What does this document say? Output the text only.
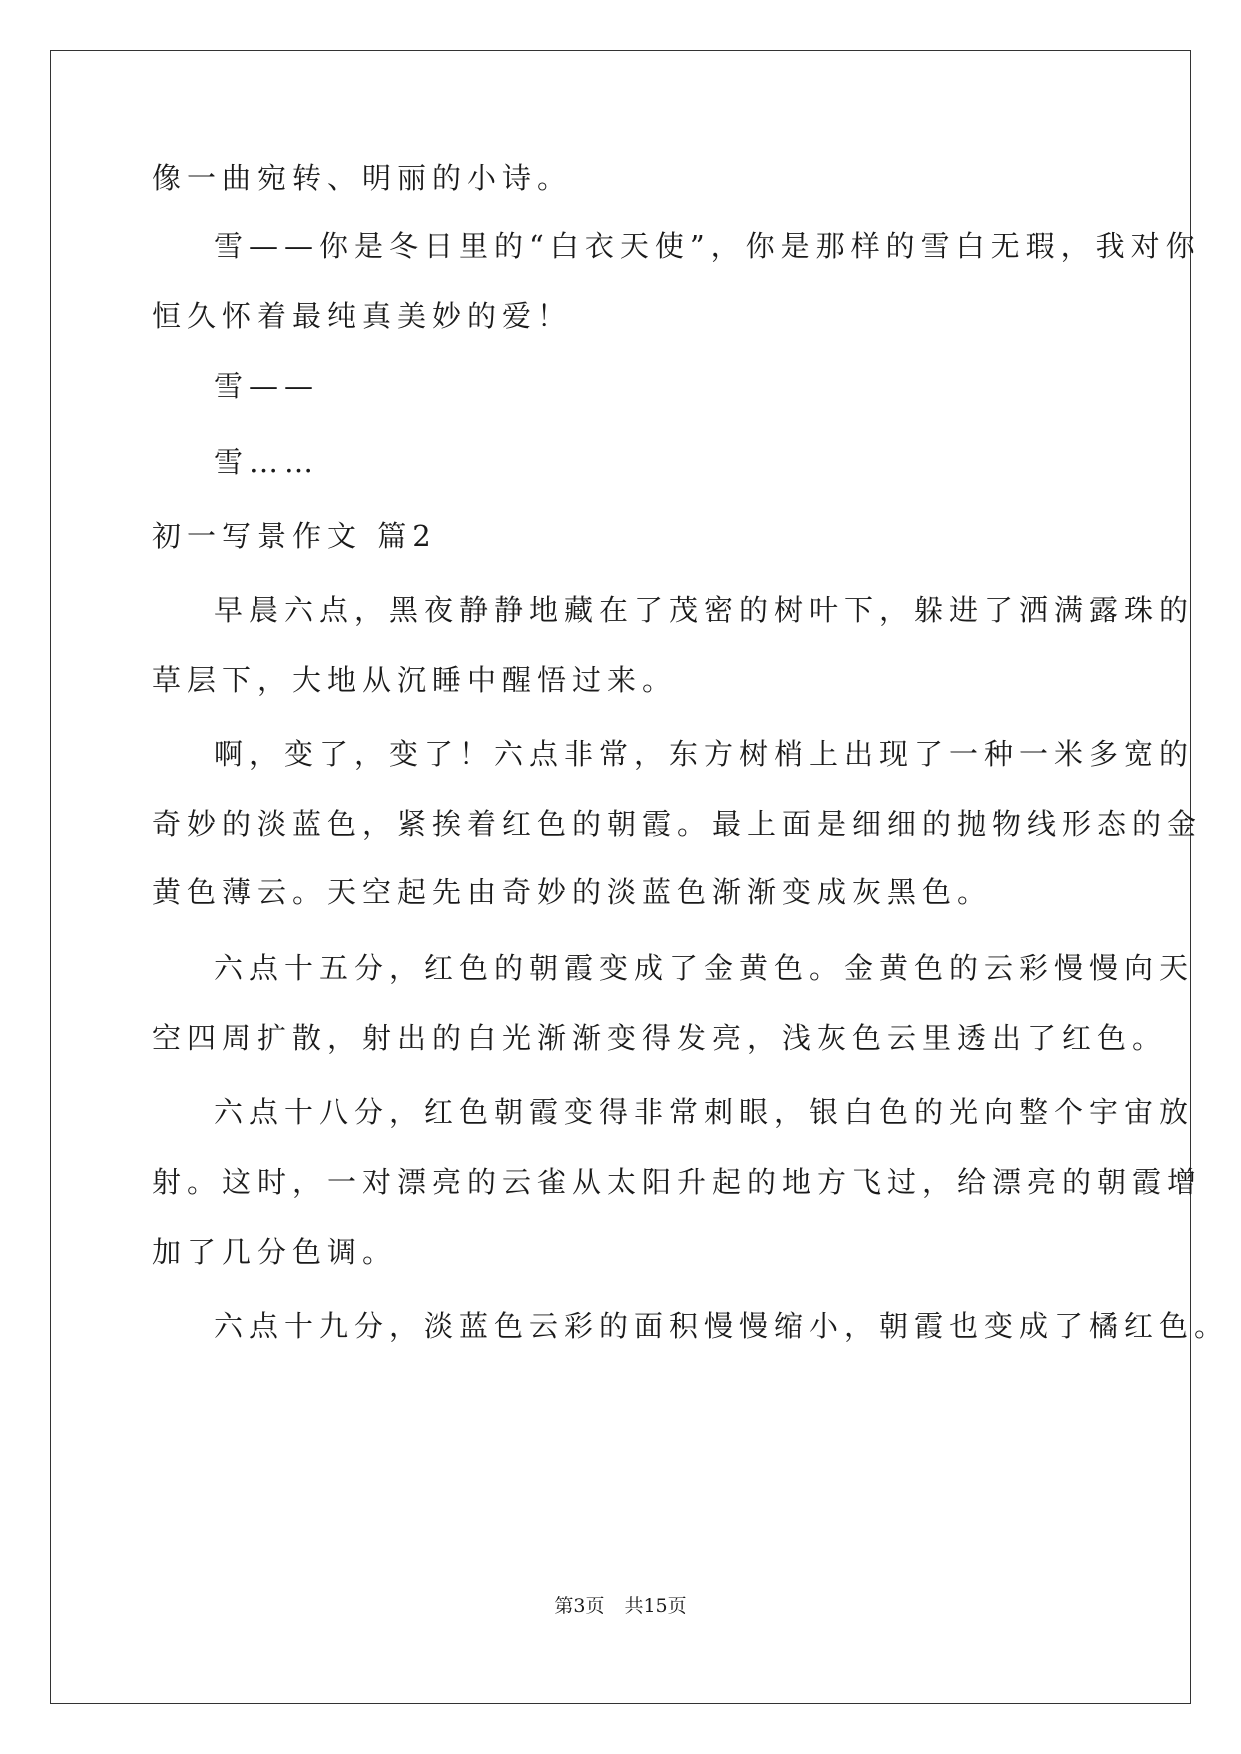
像一曲宛转、明丽的小诗。
雪——你是冬日里的“白衣天使”，你是那样的雪白无瑕，我对你
恒久怀着最纯真美妙的爱！
雪——
雪……
初一写景作文 篇2
早晨六点，黑夜静静地藏在了茂密的树叶下，躲进了洒满露珠的
草层下，大地从沉睡中醒悟过来。
啊，变了，变了！六点非常，东方树梢上出现了一种一米多宽的
奇妙的淡蓝色，紧挨着红色的朝霞。最上面是细细的抛物线形态的金
黄色薄云。天空起先由奇妙的淡蓝色渐渐变成灰黑色。
六点十五分，红色的朝霞变成了金黄色。金黄色的云彩慢慢向天
空四周扩散，射出的白光渐渐变得发亮，浅灰色云里透出了红色。
六点十八分，红色朝霞变得非常刺眼，银白色的光向整个宇宙放
射。这时，一对漂亮的云雀从太阳升起的地方飞过，给漂亮的朝霞增
加了几分色调。
六点十九分，淡蓝色云彩的面积慢慢缩小，朝霞也变成了橘红色。
第3页 共15页
